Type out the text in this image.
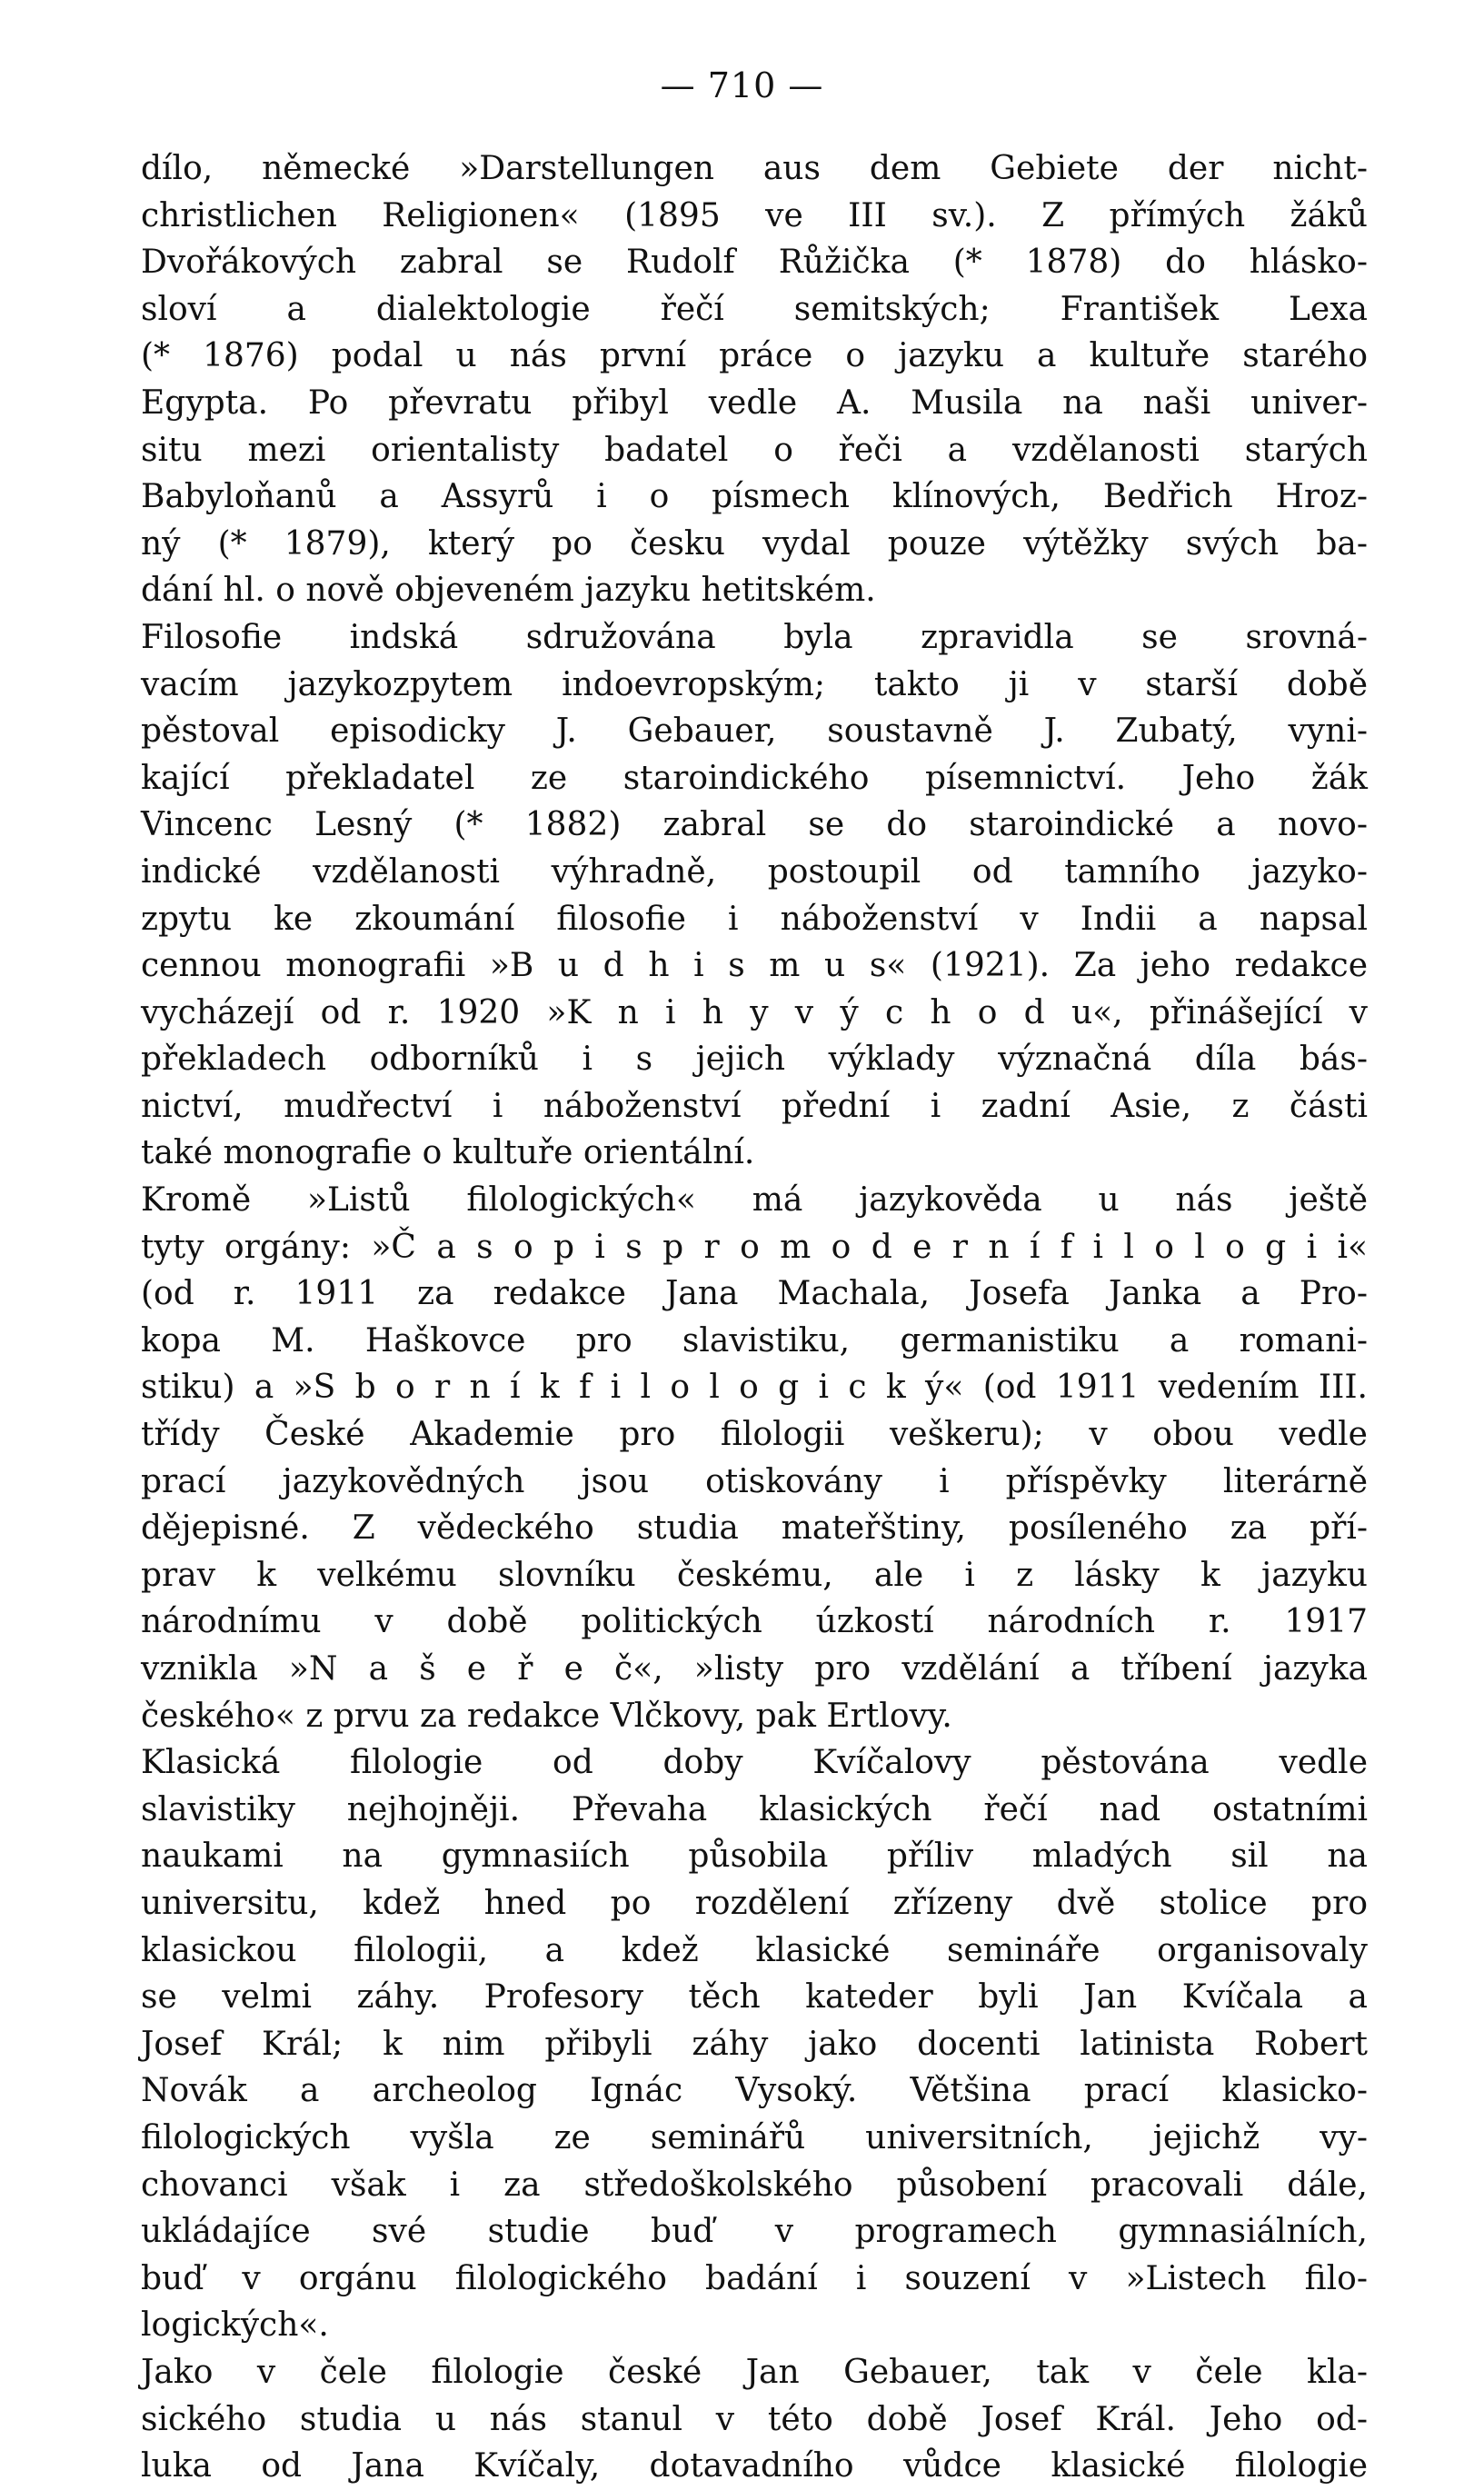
— 710 —
dílo, německé »Darstellungen aus dem Gebiete der nicht-
christlichen Religionen« (1895 ve III sv.). Z přímých žáků
Dvořákových zabral se Rudolf Růžička (* 1878) do hlásko-
sloví a dialektologie řečí semitských; František Lexa
(* 1876) podal u nás první práce o jazyku a kultuře starého
Egypta. Po převratu přibyl vedle A. Musila na naši univer-
situ mezi orientalisty badatel o řeči a vzdělanosti starých
Babyloňanů a Assyrů i o písmech klínových, Bedřich Hroz-
ný (* 1879), který po česku vydal pouze výtěžky svých ba-
dání hl. o nově objeveném jazyku hetitském.
Filosofie indská sdružována byla zpravidla se srovná-
vacím jazykozpytem indoevropským; takto ji v starší době
pěstoval episodicky J. Gebauer, soustavně J. Zubatý, vyni-
kající překladatel ze staroindického písemnictví. Jeho žák
Vincenc Lesný (* 1882) zabral se do staroindické a novo-
indické vzdělanosti výhradně, postoupil od tamního jazyko-
zpytu ke zkoumání filosofie i náboženství v Indii a napsal
cennou monografii »B u d h i s m u s« (1921). Za jeho redakce
vycházejí od r. 1920 »K n i h y v ý c h o d u«, přinášející v
překladech odborníků i s jejich výklady význačná díla bás-
nictví, mudřectví i náboženství přední i zadní Asie, z části
také monografie o kultuře orientální.
Kromě »Listů filologických« má jazykověda u nás ještě
tyty orgány: »Č a s o p i s p r o m o d e r n í f i l o l o g i i«
(od r. 1911 za redakce Jana Machala, Josefa Janka a Pro-
kopa M. Haškovce pro slavistiku, germanistiku a romani-
stiku) a »S b o r n í k f i l o l o g i c k ý« (od 1911 vedením III.
třídy České Akademie pro filologii veškeru); v obou vedle
prací jazykovědných jsou otiskovány i příspěvky literárně
dějepisné. Z vědeckého studia mateřštiny, posíleného za pří-
prav k velkému slovníku českému, ale i z lásky k jazyku
národnímu v době politických úzkostí národních r. 1917
vznikla »N a š e ř e č«, »listy pro vzdělání a tříbení jazyka
českého« z prvu za redakce Vlčkovy, pak Ertlovy.
Klasická filologie od doby Kvíčalovy pěstována vedle
slavistiky nejhojněji. Převaha klasických řečí nad ostatními
naukami na gymnasiích působila příliv mladých sil na
universitu, kdež hned po rozdělení zřízeny dvě stolice pro
klasickou filologii, a kdež klasické semináře organisovaly
se velmi záhy. Profesory těch kateder byli Jan Kvíčala a
Josef Král; k nim přibyli záhy jako docenti latinista Robert
Novák a archeolog Ignác Vysoký. Většina prací klasicko-
filologických vyšla ze seminářů universitních, jejichž vy-
chovanci však i za středoškolského působení pracovali dále,
ukládajíce své studie buď v programech gymnasiálních,
buď v orgánu filologického badání i souzení v »Listech filo-
logických«.
Jako v čele filologie české Jan Gebauer, tak v čele kla-
sického studia u nás stanul v této době Josef Král. Jeho od-
luka od Jana Kvíčaly, dotavadního vůdce klasické filologie
